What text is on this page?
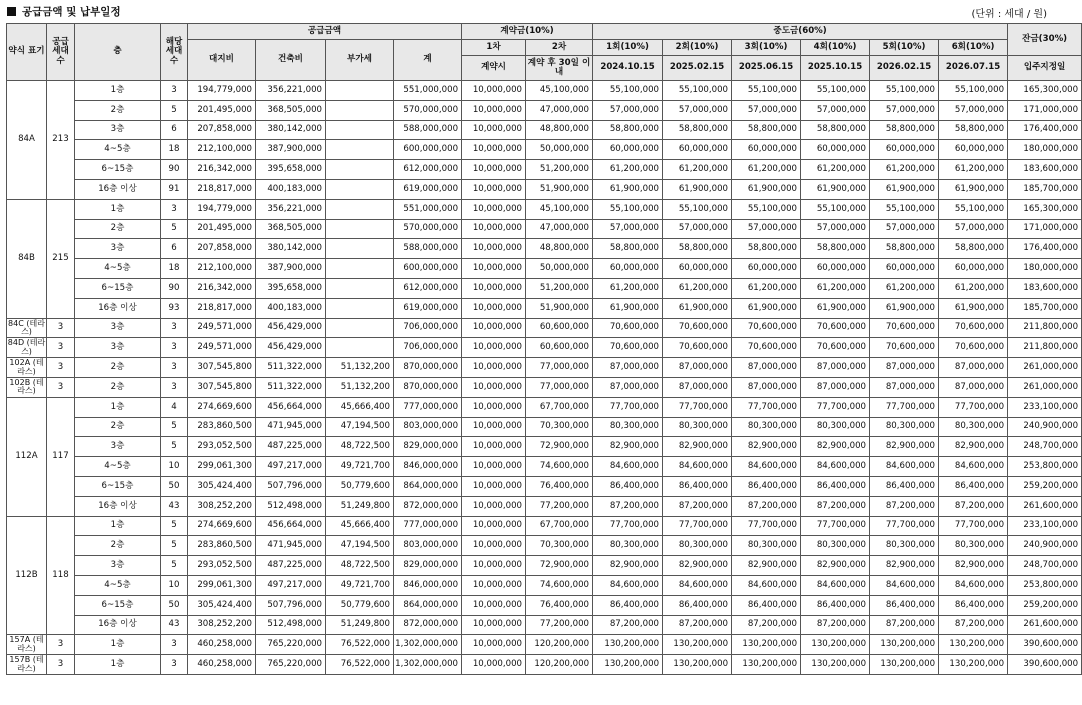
공급금액 및 납부일정	(단위 : 세대 / 원)
약식 표기	공급 세대 수	층	해당 세대 수	공급금액				계약금(10%)		중도금(60%)						잔금(30%)
				대지비	건축비	부가세	계	1차	2차	1회(10%)	2회(10%)	3회(10%)	4회(10%)	5회(10%)	6회(10%)	
								계약시	계약 후 30일 이내	2024.10.15	2025.02.15	2025.06.15	2025.10.15	2026.02.15	2026.07.15	입주지정일
84A	213	1층	3	194,779,000	356,221,000		551,000,000	10,000,000	45,100,000	55,100,000	55,100,000	55,100,000	55,100,000	55,100,000	55,100,000	165,300,000
		2층	5	201,495,000	368,505,000		570,000,000	10,000,000	47,000,000	57,000,000	57,000,000	57,000,000	57,000,000	57,000,000	57,000,000	171,000,000
		3층	6	207,858,000	380,142,000		588,000,000	10,000,000	48,800,000	58,800,000	58,800,000	58,800,000	58,800,000	58,800,000	58,800,000	176,400,000
		4~5층	18	212,100,000	387,900,000		600,000,000	10,000,000	50,000,000	60,000,000	60,000,000	60,000,000	60,000,000	60,000,000	60,000,000	180,000,000
		6~15층	90	216,342,000	395,658,000		612,000,000	10,000,000	51,200,000	61,200,000	61,200,000	61,200,000	61,200,000	61,200,000	61,200,000	183,600,000
		16층 이상	91	218,817,000	400,183,000		619,000,000	10,000,000	51,900,000	61,900,000	61,900,000	61,900,000	61,900,000	61,900,000	61,900,000	185,700,000
84B	215	1층	3	194,779,000	356,221,000		551,000,000	10,000,000	45,100,000	55,100,000	55,100,000	55,100,000	55,100,000	55,100,000	55,100,000	165,300,000
		2층	5	201,495,000	368,505,000		570,000,000	10,000,000	47,000,000	57,000,000	57,000,000	57,000,000	57,000,000	57,000,000	57,000,000	171,000,000
		3층	6	207,858,000	380,142,000		588,000,000	10,000,000	48,800,000	58,800,000	58,800,000	58,800,000	58,800,000	58,800,000	58,800,000	176,400,000
		4~5층	18	212,100,000	387,900,000		600,000,000	10,000,000	50,000,000	60,000,000	60,000,000	60,000,000	60,000,000	60,000,000	60,000,000	180,000,000
		6~15층	90	216,342,000	395,658,000		612,000,000	10,000,000	51,200,000	61,200,000	61,200,000	61,200,000	61,200,000	61,200,000	61,200,000	183,600,000
		16층 이상	93	218,817,000	400,183,000		619,000,000	10,000,000	51,900,000	61,900,000	61,900,000	61,900,000	61,900,000	61,900,000	61,900,000	185,700,000
84C (테라스)	3	3층	3	249,571,000	456,429,000		706,000,000	10,000,000	60,600,000	70,600,000	70,600,000	70,600,000	70,600,000	70,600,000	70,600,000	211,800,000
84D (테라스)	3	3층	3	249,571,000	456,429,000		706,000,000	10,000,000	60,600,000	70,600,000	70,600,000	70,600,000	70,600,000	70,600,000	70,600,000	211,800,000
102A (테라스)	3	2층	3	307,545,800	511,322,000	51,132,200	870,000,000	10,000,000	77,000,000	87,000,000	87,000,000	87,000,000	87,000,000	87,000,000	87,000,000	261,000,000
102B (테라스)	3	2층	3	307,545,800	511,322,000	51,132,200	870,000,000	10,000,000	77,000,000	87,000,000	87,000,000	87,000,000	87,000,000	87,000,000	87,000,000	261,000,000
112A	117	1층	4	274,669,600	456,664,000	45,666,400	777,000,000	10,000,000	67,700,000	77,700,000	77,700,000	77,700,000	77,700,000	77,700,000	77,700,000	233,100,000
		2층	5	283,860,500	471,945,000	47,194,500	803,000,000	10,000,000	70,300,000	80,300,000	80,300,000	80,300,000	80,300,000	80,300,000	80,300,000	240,900,000
		3층	5	293,052,500	487,225,000	48,722,500	829,000,000	10,000,000	72,900,000	82,900,000	82,900,000	82,900,000	82,900,000	82,900,000	82,900,000	248,700,000
		4~5층	10	299,061,300	497,217,000	49,721,700	846,000,000	10,000,000	74,600,000	84,600,000	84,600,000	84,600,000	84,600,000	84,600,000	84,600,000	253,800,000
		6~15층	50	305,424,400	507,796,000	50,779,600	864,000,000	10,000,000	76,400,000	86,400,000	86,400,000	86,400,000	86,400,000	86,400,000	86,400,000	259,200,000
		16층 이상	43	308,252,200	512,498,000	51,249,800	872,000,000	10,000,000	77,200,000	87,200,000	87,200,000	87,200,000	87,200,000	87,200,000	87,200,000	261,600,000
112B	118	1층	5	274,669,600	456,664,000	45,666,400	777,000,000	10,000,000	67,700,000	77,700,000	77,700,000	77,700,000	77,700,000	77,700,000	77,700,000	233,100,000
		2층	5	283,860,500	471,945,000	47,194,500	803,000,000	10,000,000	70,300,000	80,300,000	80,300,000	80,300,000	80,300,000	80,300,000	80,300,000	240,900,000
		3층	5	293,052,500	487,225,000	48,722,500	829,000,000	10,000,000	72,900,000	82,900,000	82,900,000	82,900,000	82,900,000	82,900,000	82,900,000	248,700,000
		4~5층	10	299,061,300	497,217,000	49,721,700	846,000,000	10,000,000	74,600,000	84,600,000	84,600,000	84,600,000	84,600,000	84,600,000	84,600,000	253,800,000
		6~15층	50	305,424,400	507,796,000	50,779,600	864,000,000	10,000,000	76,400,000	86,400,000	86,400,000	86,400,000	86,400,000	86,400,000	86,400,000	259,200,000
		16층 이상	43	308,252,200	512,498,000	51,249,800	872,000,000	10,000,000	77,200,000	87,200,000	87,200,000	87,200,000	87,200,000	87,200,000	87,200,000	261,600,000
157A (테라스)	3	1층	3	460,258,000	765,220,000	76,522,000	1,302,000,000	10,000,000	120,200,000	130,200,000	130,200,000	130,200,000	130,200,000	130,200,000	130,200,000	390,600,000
157B (테라스)	3	1층	3	460,258,000	765,220,000	76,522,000	1,302,000,000	10,000,000	120,200,000	130,200,000	130,200,000	130,200,000	130,200,000	130,200,000	130,200,000	390,600,000
